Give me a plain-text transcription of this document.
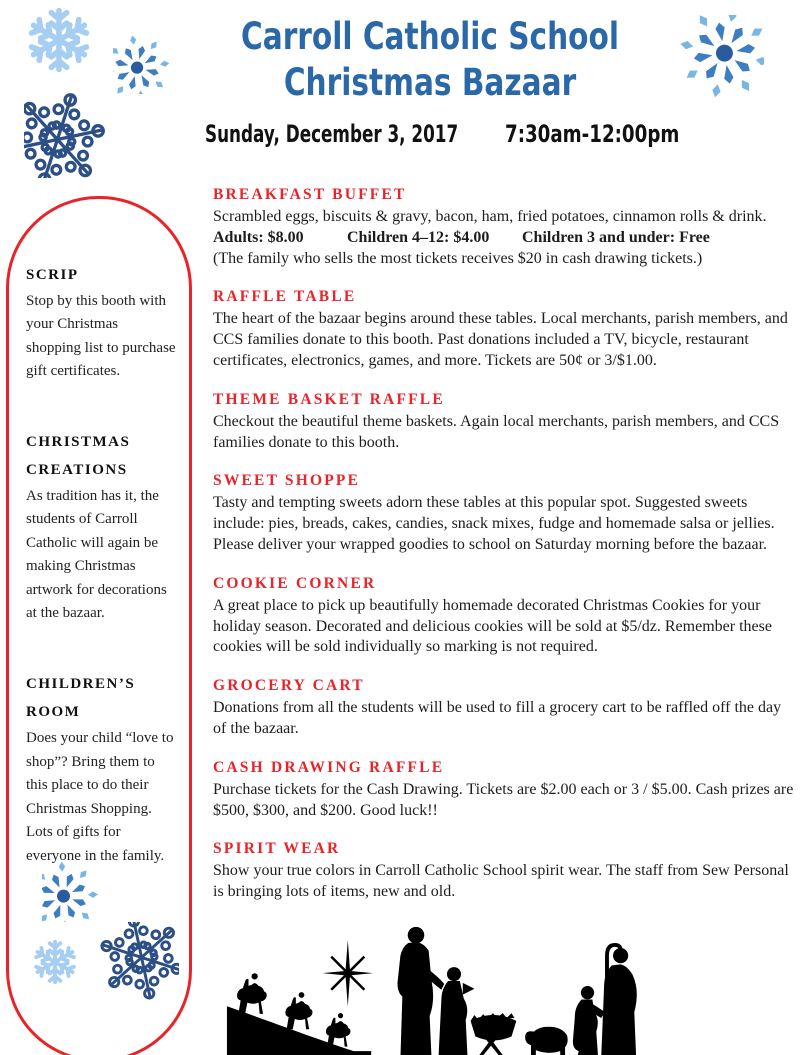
Carroll Catholic School
Christmas Bazaar
Sunday, December 3, 2017 7:30am-12:00pm
SCRIP
Stop by this booth with your Christmas shopping list to purchase gift certificates.
CHRISTMAS CREATIONS
As tradition has it, the students of Carroll Catholic will again be making Christmas artwork for decorations at the bazaar.
CHILDREN’S ROOM
Does your child “love to shop”? Bring them to this place to do their Christmas Shopping. Lots of gifts for everyone in the family.
BREAKFAST BUFFET
Scrambled eggs, biscuits & gravy, bacon, ham, fried potatoes, cinnamon rolls & drink.
Adults: $8.00	Children 4–12: $4.00	Children 3 and under: Free
(The family who sells the most tickets receives $20 in cash drawing tickets.)
RAFFLE TABLE
The heart of the bazaar begins around these tables. Local merchants, parish members, and CCS families donate to this booth. Past donations included a TV, bicycle, restaurant certificates, electronics, games, and more. Tickets are 50¢ or 3/$1.00.
THEME BASKET RAFFLE
Checkout the beautiful theme baskets. Again local merchants, parish members, and CCS families donate to this booth.
SWEET SHOPPE
Tasty and tempting sweets adorn these tables at this popular spot. Suggested sweets include: pies, breads, cakes, candies, snack mixes, fudge and homemade salsa or jellies. Please deliver your wrapped goodies to school on Saturday morning before the bazaar.
COOKIE CORNER
A great place to pick up beautifully homemade decorated Christmas Cookies for your holiday season. Decorated and delicious cookies will be sold at $5/dz. Remember these cookies will be sold individually so marking is not required.
GROCERY CART
Donations from all the students will be used to fill a grocery cart to be raffled off the day of the bazaar.
CASH DRAWING RAFFLE
Purchase tickets for the Cash Drawing. Tickets are $2.00 each or 3 / $5.00. Cash prizes are $500, $300, and $200. Good luck!!
SPIRIT WEAR
Show your true colors in Carroll Catholic School spirit wear. The staff from Sew Personal is bringing lots of items, new and old.
